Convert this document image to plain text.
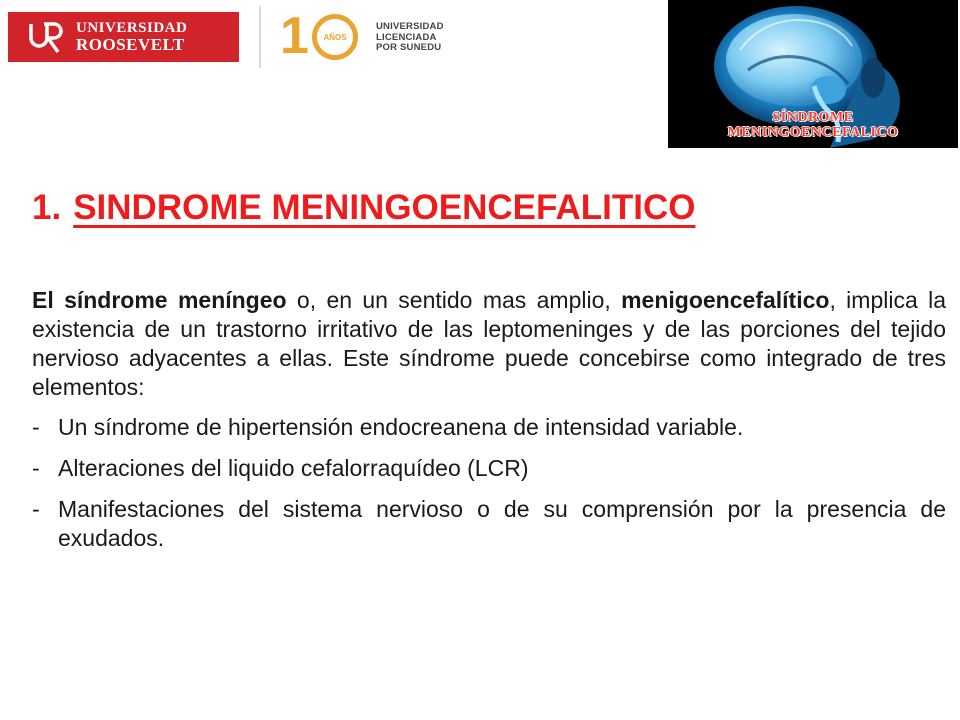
UNIVERSIDAD
ROOSEVELT 1 AÑOS
UNIVERSIDAD
LICENCIADA
POR SUNEDU
SÍNDROME
MENINGOENCEFALICO
1. SINDROME MENINGOENCEFALITICO

El síndrome meníngeo o, en un sentido mas amplio, menigoencefalítico, implica la existencia de un trastorno irritativo de las leptomeninges y de las porciones del tejido nervioso adyacentes a ellas. Este síndrome puede concebirse como integrado de tres elementos:

- Un síndrome de hipertensión endocreanena de intensidad variable.
- Alteraciones del liquido cefalorraquídeo (LCR)
- Manifestaciones del sistema nervioso o de su comprensión por la presencia de exudados.
